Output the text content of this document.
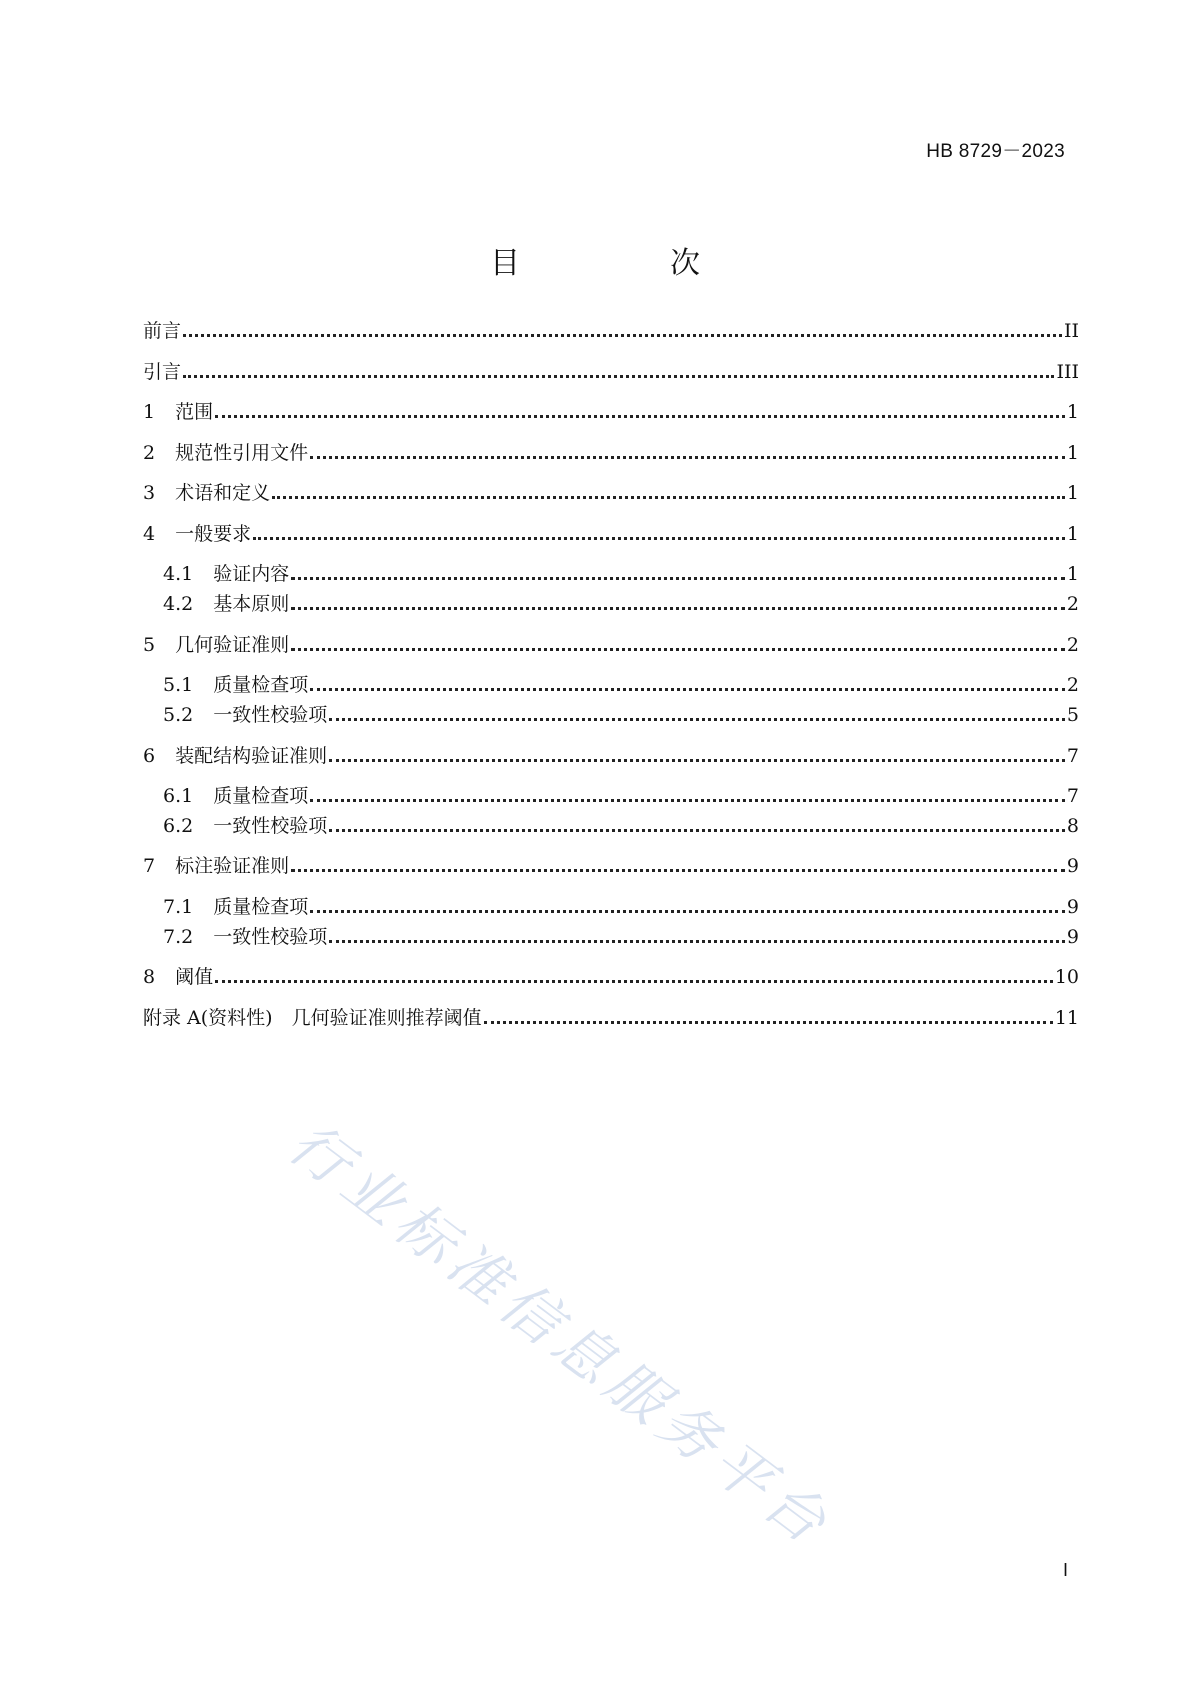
HB 8729－2023
目　次
前言	II
引言	III
1 范围	1
2 规范性引用文件	1
3 术语和定义	1
4 一般要求	1
4.1 验证内容	1
4.2 基本原则	2
5 几何验证准则	2
5.1 质量检查项	2
5.2 一致性校验项	5
6 装配结构验证准则	7
6.1 质量检查项	7
6.2 一致性校验项	8
7 标注验证准则	9
7.1 质量检查项	9
7.2 一致性校验项	9
8 阈值	10
附录 A(资料性)　几何验证准则推荐阈值	11
行业标准信息服务平台
I
